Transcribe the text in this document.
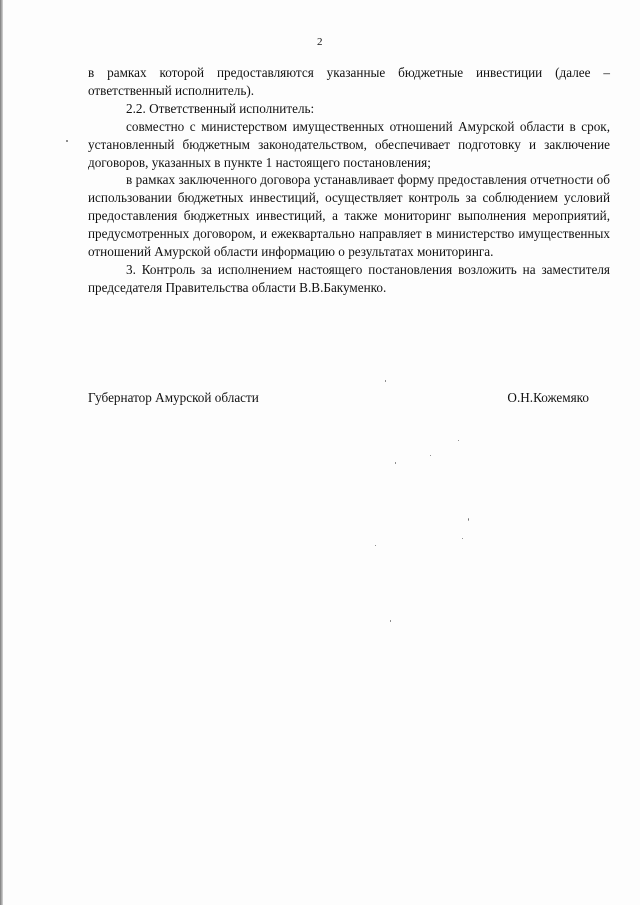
2

в рамках которой предоставляются указанные бюджетные инвестиции (далее – ответственный исполнитель).

2.2. Ответственный исполнитель:

совместно с министерством имущественных отношений Амурской области в срок, установленный бюджетным законодательством, обеспечивает подготовку и заключение договоров, указанных в пункте 1 настоящего постановления;

в рамках заключенного договора устанавливает форму предоставления отчетности об использовании бюджетных инвестиций, осуществляет контроль за соблюдением условий предоставления бюджетных инвестиций, а также мониторинг выполнения мероприятий, предусмотренных договором, и ежеквартально направляет в министерство имущественных отношений Амурской области информацию о результатах мониторинга.

3. Контроль за исполнением настоящего постановления возложить на заместителя председателя Правительства области В.В.Бакуменко.

Губернатор Амурской области	О.Н.Кожемяко
